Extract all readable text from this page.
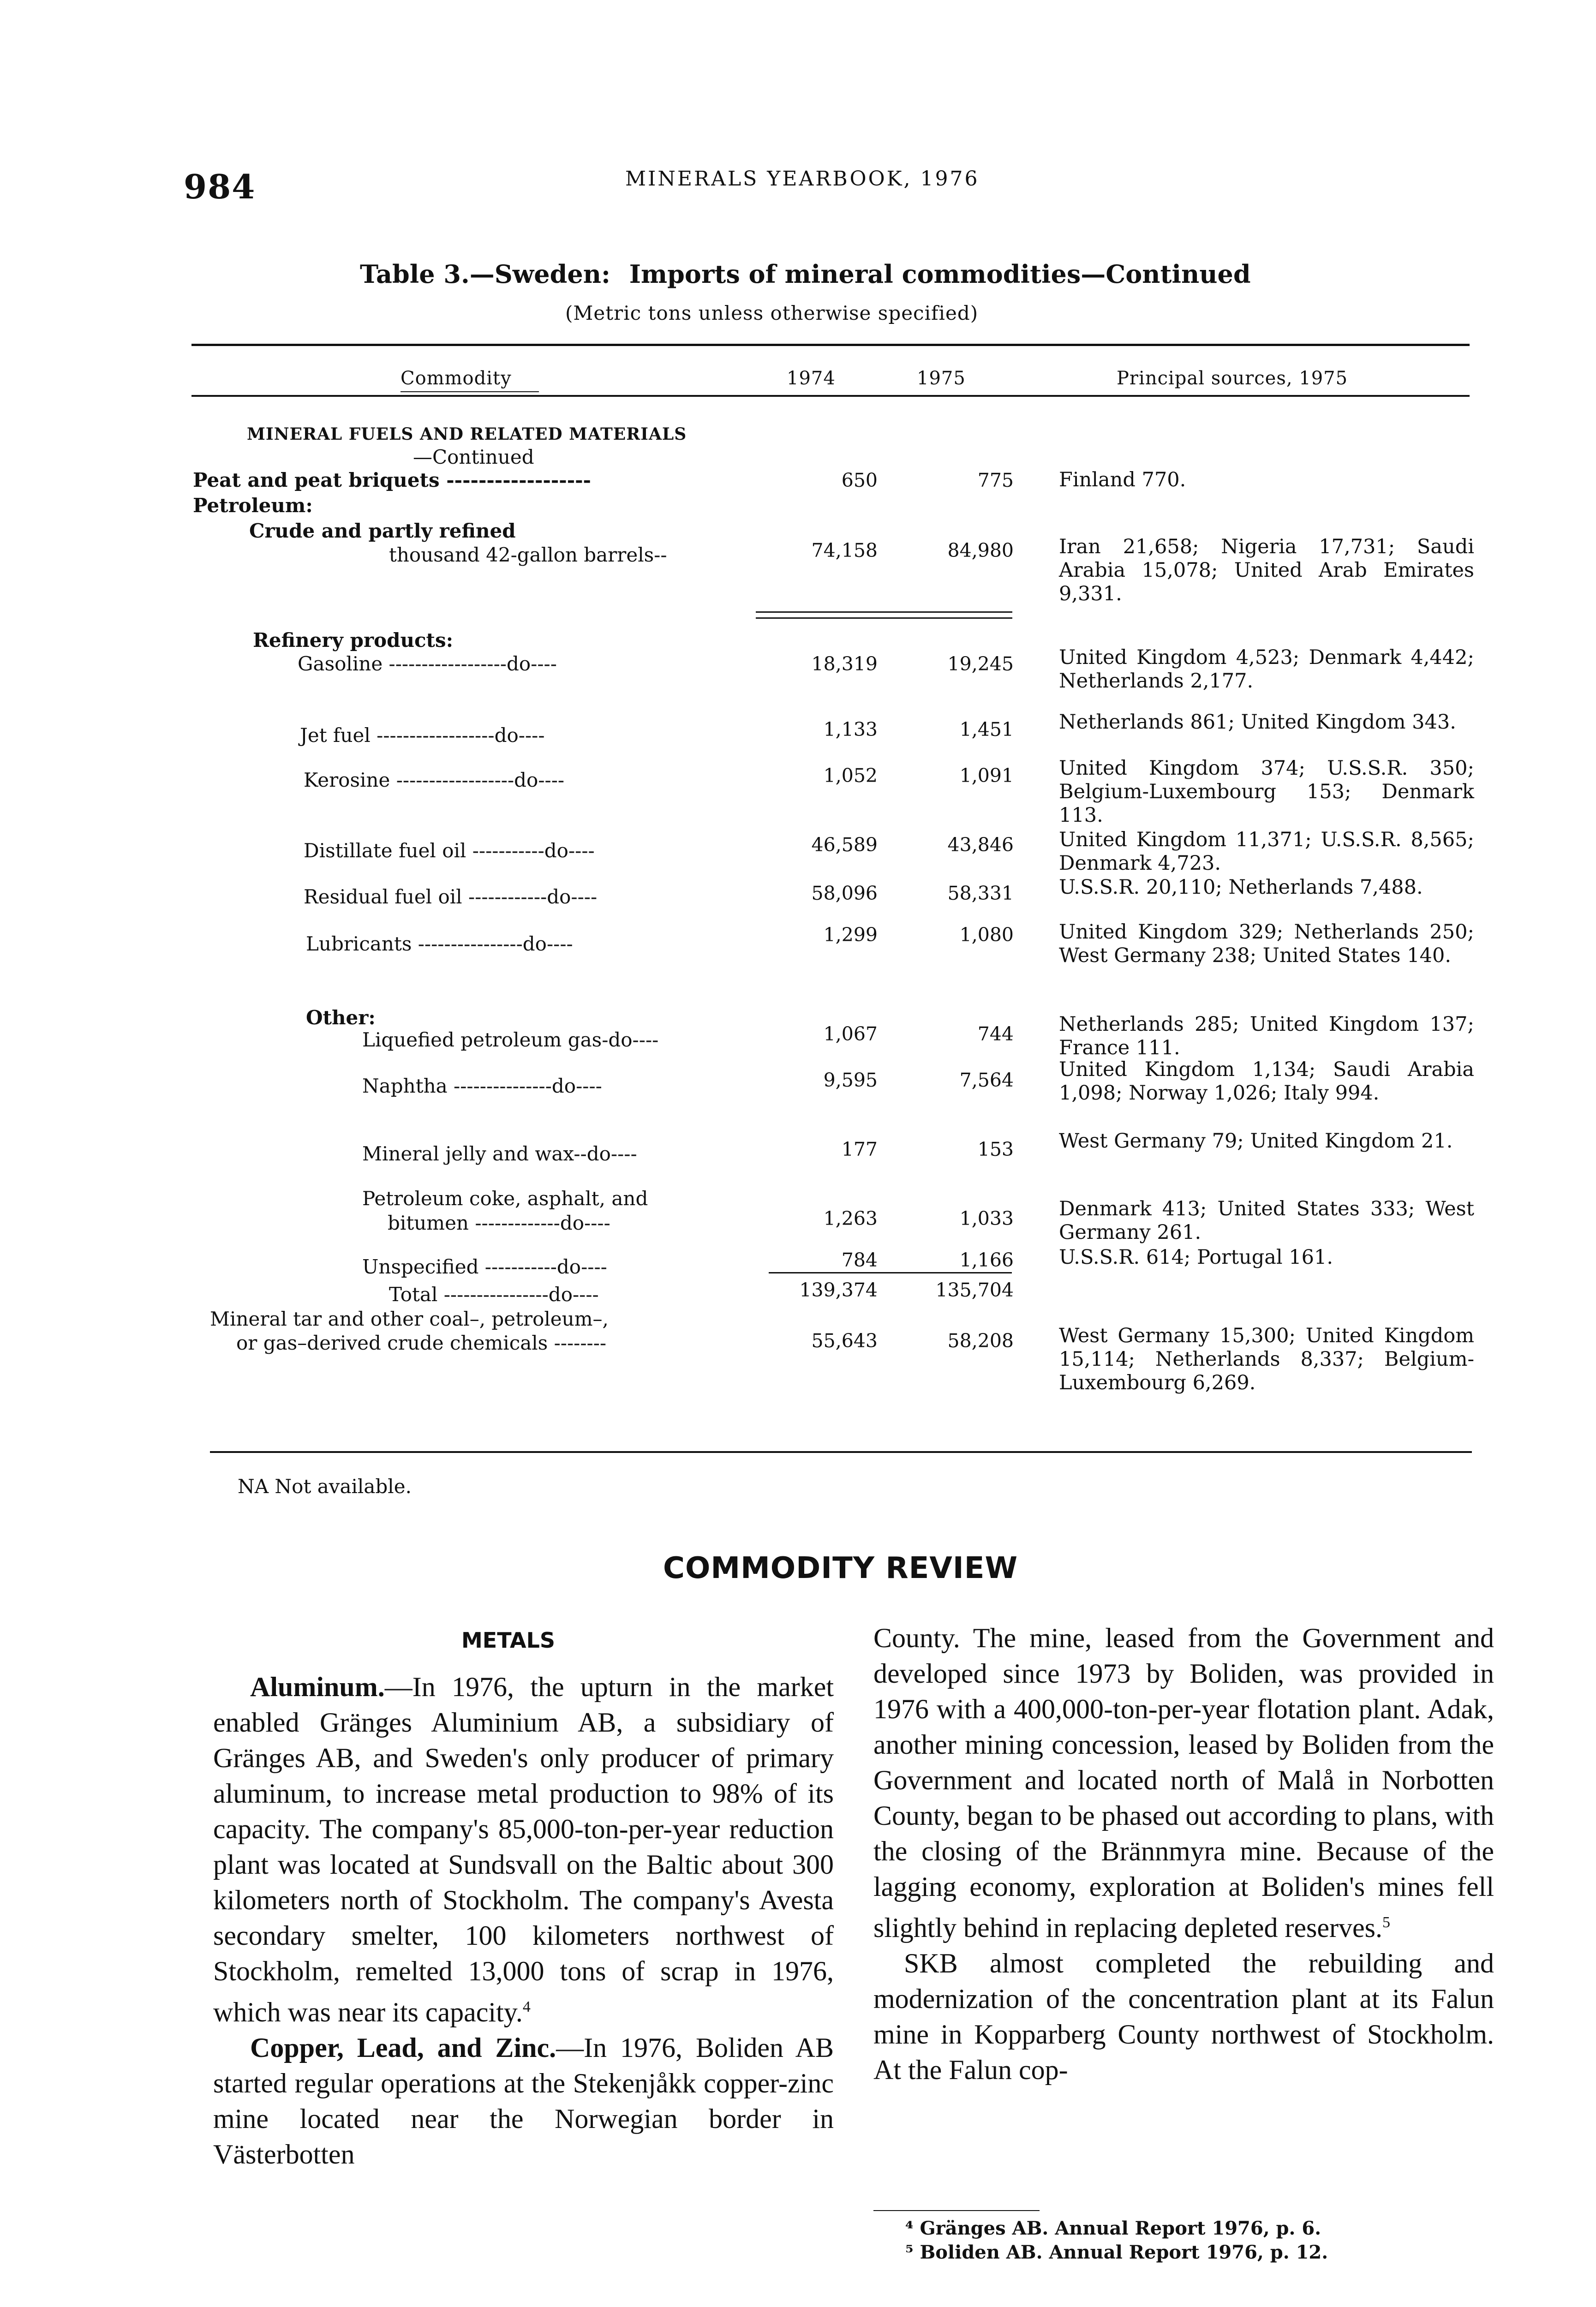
984	MINERALS YEARBOOK, 1976
Table 3.—Sweden: Imports of mineral commodities—Continued
(Metric tons unless otherwise specified)
Commodity	1974	1975	Principal sources, 1975
MINERAL FUELS AND RELATED MATERIALS
—Continued
Peat and peat briquets ------------------	650	775 Finland 770.
Petroleum:
Crude and partly refined
thousand 42-gallon barrels--	74,158	84,980 Iran 21,658; Nigeria 17,731; Saudi Arabia 15,078; United Arab Emirates 9,331.
Refinery products:
Gasoline ------------------do----	18,319	19,245 United Kingdom 4,523; Denmark 4,442; Netherlands 2,177.
Jet fuel ------------------do----	1,133	1,451 Netherlands 861; United Kingdom 343.
Kerosine ------------------do----	1,052	1,091 United Kingdom 374; U.S.S.R. 350; Belgium-Luxembourg 153; Denmark 113.
Distillate fuel oil -----------do----	46,589	43,846 United Kingdom 11,371; U.S.S.R. 8,565; Denmark 4,723.
Residual fuel oil ------------do----	58,096	58,331 U.S.S.R. 20,110; Netherlands 7,488.
Lubricants ----------------do----	1,299	1,080 United Kingdom 329; Netherlands 250; West Germany 238; United States 140.
Other:
Liquefied petroleum gas-do----	1,067	744 Netherlands 285; United Kingdom 137; France 111.
Naphtha ---------------do----	9,595	7,564 United Kingdom 1,134; Saudi Arabia 1,098; Norway 1,026; Italy 994.
Mineral jelly and wax--do----	177	153 West Germany 79; United Kingdom 21.
Petroleum coke, asphalt, and
bitumen -------------do----	1,263	1,033 Denmark 413; United States 333; West Germany 261.
Unspecified -----------do----	784	1,166 U.S.S.R. 614; Portugal 161.
Total ----------------do----	139,374	135,704
Mineral tar and other coal–, petroleum–,
or gas–derived crude chemicals --------	55,643	58,208 West Germany 15,300; United Kingdom 15,114; Netherlands 8,337; Belgium-Luxembourg 6,269.
NA Not available.
COMMODITY REVIEW
METALS

Aluminum.—In 1976, the upturn in the market enabled Gränges Aluminium AB, a subsidiary of Gränges AB, and Sweden's only producer of primary aluminum, to increase metal production to 98% of its capacity. The company's 85,000-ton-per-year reduction plant was located at Sundsvall on the Baltic about 300 kilometers north of Stockholm. The company's Avesta secondary smelter, 100 kilometers northwest of Stockholm, remelted 13,000 tons of scrap in 1976, which was near its capacity.$^4$

Copper, Lead, and Zinc.—In 1976, Boliden AB started regular operations at the Stekenjåkk copper-zinc mine located near the Norwegian border in Västerbotten

County. The mine, leased from the Government and developed since 1973 by Boliden, was provided in 1976 with a 400,000-ton-per-year flotation plant. Adak, another mining concession, leased by Boliden from the Government and located north of Malå in Norbotten County, began to be phased out according to plans, with the closing of the Brännmyra mine. Because of the lagging economy, exploration at Boliden's mines fell slightly behind in replacing depleted reserves.$^5$

SKB almost completed the rebuilding and modernization of the concentration plant at its Falun mine in Kopparberg County northwest of Stockholm. At the Falun cop-

⁴ Gränges AB. Annual Report 1976, p. 6.
⁵ Boliden AB. Annual Report 1976, p. 12.
